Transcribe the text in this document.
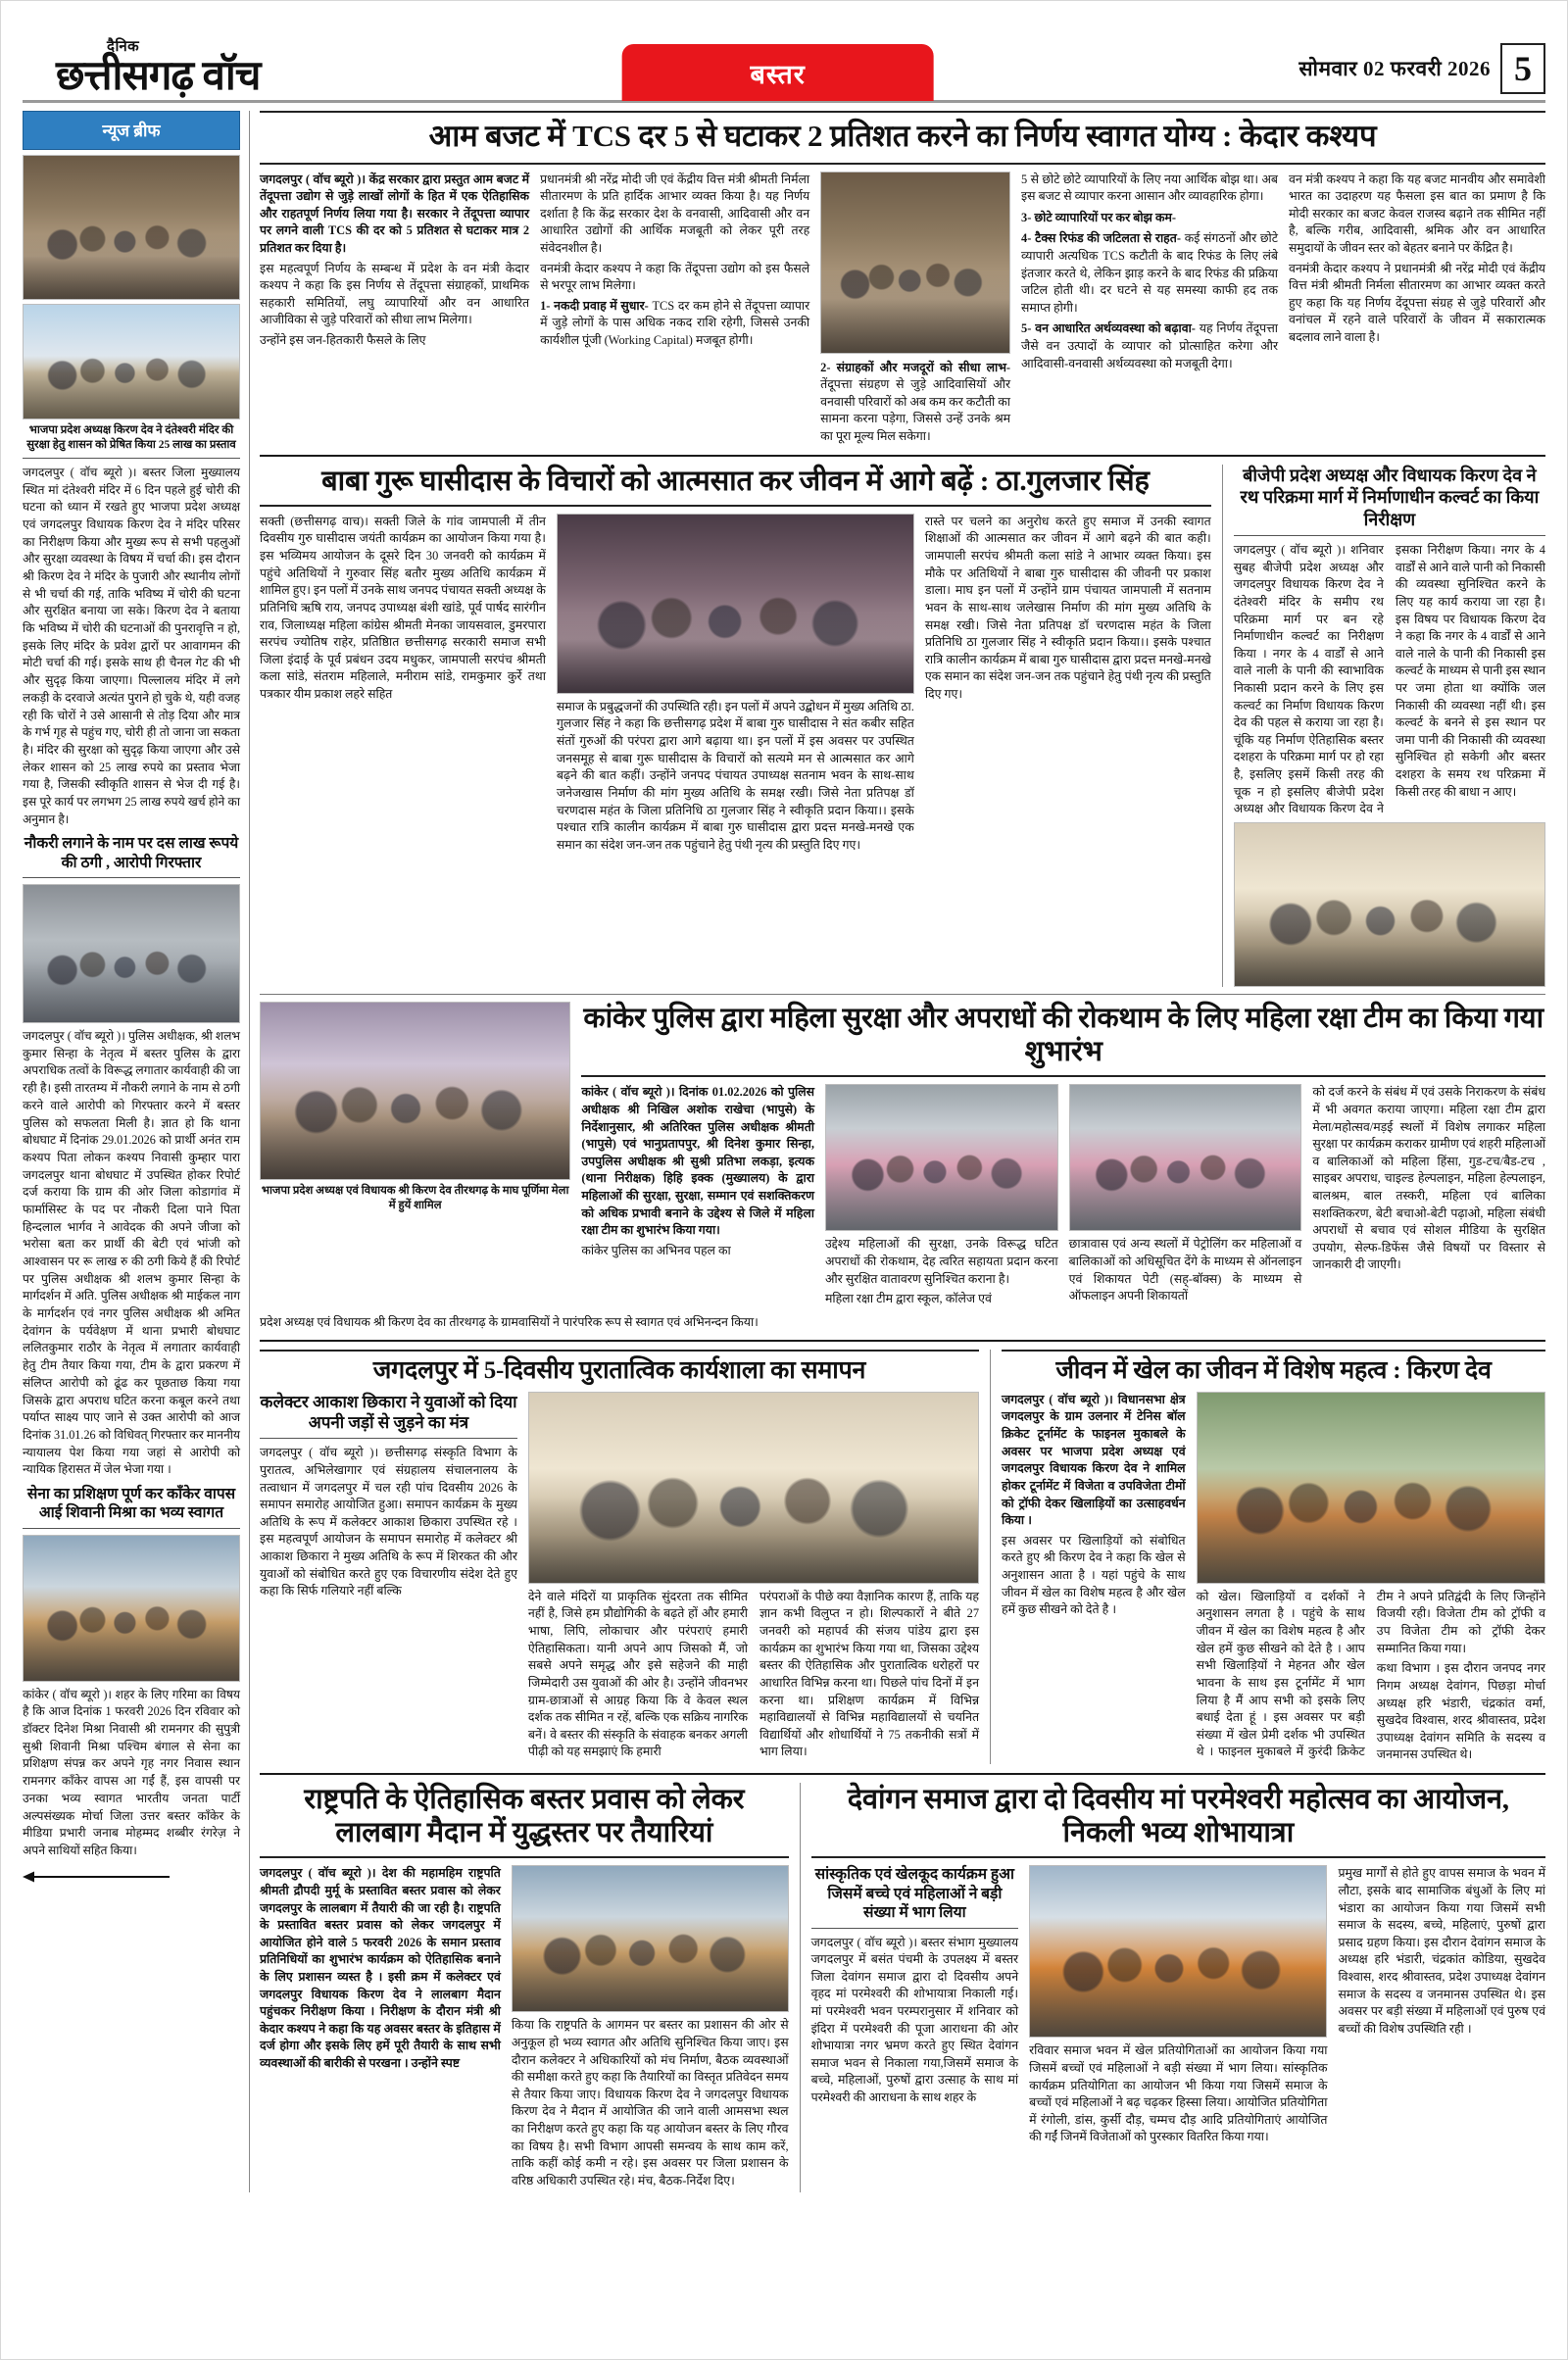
दैनिक
छत्तीसगढ़ वॉच	बस्तर	सोमवार 02 फरवरी 2026 5
न्यूज ब्रीफ
भाजपा प्रदेश अध्यक्ष किरण देव ने दंतेश्वरी मंदिर की सुरक्षा हेतु शासन को प्रेषित किया 25 लाख का प्रस्ताव

जगदलपुर ( वॉच ब्यूरो )। बस्तर जिला मुख्यालय स्थित मां दंतेश्वरी मंदिर में 6 दिन पहले हुई चोरी की घटना को ध्यान में रखते हुए भाजपा प्रदेश अध्यक्ष एवं जगदलपुर विधायक किरण देव ने मंदिर परिसर का निरीक्षण किया और मुख्य रूप से सभी पहलुओं और सुरक्षा व्यवस्था के विषय में चर्चा की। इस दौरान श्री किरण देव ने मंदिर के पुजारी और स्थानीय लोगों से भी चर्चा की गई, ताकि भविष्य में चोरी की घटना और सुरक्षित बनाया जा सके। किरण देव ने बताया कि भविष्य में चोरी की घटनाओं की पुनरावृत्ति न हो, इसके लिए मंदिर के प्रवेश द्वारों पर आवागमन की मोटी चर्चा की गई। इसके साथ ही चैनल गेट की भी और सुदृढ़ किया जाएगा। पिल्लालय मंदिर में लगे लकड़ी के दरवाजे अत्यंत पुराने हो चुके थे, यही वजह रही कि चोरों ने उसे आसानी से तोड़ दिया और मात्र के गर्भ गृह से पहुंच गए, चोरी ही तो जाना जा सकता है। मंदिर की सुरक्षा को सुदृढ़ किया जाएगा और उसे लेकर शासन को 25 लाख रुपये का प्रस्ताव भेजा गया है, जिसकी स्वीकृति शासन से भेज दी गई है। इस पूरे कार्य पर लगभग 25 लाख रुपये खर्च होने का अनुमान है।

नौकरी लगाने के नाम पर दस लाख रूपये की ठगी , आरोपी गिरफ्तार

जगदलपुर ( वॉच ब्यूरो )। पुलिस अधीक्षक, श्री शलभ कुमार सिन्हा के नेतृत्व में बस्तर पुलिस के द्वारा अपराधिक तत्वों के विरूद्ध लगातार कार्यवाही की जा रही है। इसी तारतम्य में नौकरी लगाने के नाम से ठगी करने वाले आरोपी को गिरफ्तार करने में बस्तर पुलिस को सफलता मिली है। ज्ञात हो कि थाना बोधघाट में दिनांक 29.01.2026 को प्रार्थी अनंत राम कश्यप पिता लोकन कश्यप निवासी कुम्हार पारा जगदलपुर थाना बोधघाट में उपस्थित होकर रिपोर्ट दर्ज कराया कि ग्राम की ओर जिला कोडागांव में फार्मासिस्ट के पद पर नौकरी दिला पाने पिता हिन्दलाल भार्गव ने आवेदक की अपने जीजा को भरोसा बता कर प्रार्थी की बेटी एवं भांजी को आश्वासन पर रू लाख रु की ठगी किये हैं की रिपोर्ट पर पुलिस अधीक्षक श्री शलभ कुमार सिन्हा के मार्गदर्शन में अति. पुलिस अधीक्षक श्री माईकल नाग के मार्गदर्शन एवं नगर पुलिस अधीक्षक श्री अमित देवांगन के पर्यवेक्षण में थाना प्रभारी बोधघाट ललितकुमार राठौर के नेतृत्व में लगातार कार्यवाही हेतु टीम तैयार किया गया, टीम के द्वारा प्रकरण में संलिप्त आरोपी को ढूंढ कर पूछताछ किया गया जिसके द्वारा अपराध घटित करना कबूल करने तथा पर्याप्त साक्ष्य पाए जाने से उक्त आरोपी को आज दिनांक 31.01.26 को विधिवत् गिरफ्तार कर माननीय न्यायालय पेश किया गया जहां से आरोपी को न्यायिक हिरासत में जेल भेजा गया ।

सेना का प्रशिक्षण पूर्ण कर कॉंकेर वापस आई शिवानी मिश्रा का भव्य स्वागत

कांकेर ( वॉच ब्यूरो )। शहर के लिए गरिमा का विषय है कि आज दिनांक 1 फरवरी 2026 दिन रविवार को डॉक्टर दिनेश मिश्रा निवासी श्री रामनगर की सुपुत्री सुश्री शिवानी मिश्रा पश्चिम बंगाल से सेना का प्रशिक्षण संपन्न कर अपने गृह नगर निवास स्थान रामनगर कॉंकेर वापस आ गईं हैं, इस वापसी पर उनका भव्य स्वागत भारतीय जनता पार्टी अल्पसंख्यक मोर्चा जिला उत्तर बस्तर कॉंकेर के मीडिया प्रभारी जनाब मोहम्मद शब्बीर रंगरेज़ ने अपने साथियों सहित किया।

आम बजट में TCS दर 5 से घटाकर 2 प्रतिशत करने का निर्णय स्वागत योग्य : केदार कश्यप

जगदलपुर ( वॉच ब्यूरो )। केंद्र सरकार द्वारा प्रस्तुत आम बजट में तेंदूपत्ता उद्योग से जुड़े लाखों लोगों के हित में एक ऐतिहासिक और राहतपूर्ण निर्णय लिया गया है। सरकार ने तेंदूपत्ता व्यापार पर लगने वाली TCS की दर को 5 प्रतिशत से घटाकर मात्र 2 प्रतिशत कर दिया है।

इस महत्वपूर्ण निर्णय के सम्बन्ध में प्रदेश के वन मंत्री केदार कश्यप ने कहा कि इस निर्णय से तेंदूपत्ता संग्राहकों, प्राथमिक सहकारी समितियों, लघु व्यापारियों और वन आधारित आजीविका से जुड़े परिवारों को सीधा लाभ मिलेगा।

उन्होंने इस जन-हितकारी फैसले के लिए

प्रधानमंत्री श्री नरेंद्र मोदी जी एवं केंद्रीय वित्त मंत्री श्रीमती निर्मला सीतारमण के प्रति हार्दिक आभार व्यक्त किया है। यह निर्णय दर्शाता है कि केंद्र सरकार देश के वनवासी, आदिवासी और वन आधारित उद्योगों की आर्थिक मजबूती को लेकर पूरी तरह संवेदनशील है।

वनमंत्री केदार कश्यप ने कहा कि तेंदूपत्ता उद्योग को इस फैसले से भरपूर लाभ मिलेगा।

1- नकदी प्रवाह में सुधार- TCS दर कम होने से तेंदूपत्ता व्यापार में जुड़े लोगों के पास अधिक नकद राशि रहेगी, जिससे उनकी कार्यशील पूंजी (Working Capital) मजबूत होगी।

2- संग्राहकों और मजदूरों को सीधा लाभ- तेंदूपत्ता संग्रहण से जुड़े आदिवासियों और वनवासी परिवारों को अब कम कर कटौती का सामना करना पड़ेगा, जिससे उन्हें उनके श्रम का पूरा मूल्य मिल सकेगा।

5 से छोटे छोटे व्यापारियों के लिए नया आर्थिक बोझ था। अब इस बजट से व्यापार करना आसान और व्यावहारिक होगा।

3- छोटे व्यापारियों पर कर बोझ कम-

4- टैक्स रिफंड की जटिलता से राहत- कई संगठनों और छोटे व्यापारी अत्यधिक TCS कटौती के बाद रिफंड के लिए लंबे इंतजार करते थे, लेकिन झाड़ करने के बाद रिफंड की प्रक्रिया जटिल होती थी। दर घटने से यह समस्या काफी हद तक समाप्त होगी।

5- वन आधारित अर्थव्यवस्था को बढ़ावा- यह निर्णय तेंदूपत्ता जैसे वन उत्पादों के व्यापार को प्रोत्साहित करेगा और आदिवासी-वनवासी अर्थव्यवस्था को मजबूती देगा।

वन मंत्री कश्यप ने कहा कि यह बजट मानवीय और समावेशी भारत का उदाहरण यह फैसला इस बात का प्रमाण है कि मोदी सरकार का बजट केवल राजस्व बढ़ाने तक सीमित नहीं है, बल्कि गरीब, आदिवासी, श्रमिक और वन आधारित समुदायों के जीवन स्तर को बेहतर बनाने पर केंद्रित है।

वनमंत्री केदार कश्यप ने प्रधानमंत्री श्री नरेंद्र मोदी एवं केंद्रीय वित्त मंत्री श्रीमती निर्मला सीतारमण का आभार व्यक्त करते हुए कहा कि यह निर्णय देंदूपत्ता संग्रह से जुड़े परिवारों और वनांचल में रहने वाले परिवारों के जीवन में सकारात्मक बदलाव लाने वाला है।

बाबा गुरू घासीदास के विचारों को आत्मसात कर जीवन में आगे बढ़ें : ठा.गुलजार सिंह

सक्ती (छत्तीसगढ़ वाच)। सक्ती जिले के गांव जामपाली में तीन दिवसीय गुरु घासीदास जयंती कार्यक्रम का आयोजन किया गया है। इस भव्यिमय आयोजन के दूसरे दिन 30 जनवरी को कार्यक्रम में पहुंचे अतिथियों ने गुरुवार सिंह बतौर मुख्य अतिथि कार्यक्रम में शामिल हुए। इन पलों में उनके साथ जनपद पंचायत सक्ती अध्यक्ष के प्रतिनिधि ऋषि राय, जनपद उपाध्यक्ष बंशी खांडे, पूर्व पार्षद सारंगीन राव, जिलाध्यक्ष महिला कांग्रेस श्रीमती मेनका जायसवाल, डुमरपारा सरपंच ज्योतिष राहेर, प्रतिष्ठाित छत्तीसगढ़ सरकारी समाज सभी जिला इंदाई के पूर्व प्रबंधन उदय मधुकर, जामपाली सरपंच श्रीमती कला सांडे, संतराम महिलाले, मनीराम सांडे, रामकुमार कुर्रे तथा पत्रकार यीम प्रकाश लहरे सहित

समाज के प्रबुद्धजनों की उपस्थिति रही। इन पलों में अपने उद्बोधन में मुख्य अतिथि ठा. गुलजार सिंह ने कहा कि छत्तीसगढ़ प्रदेश में बाबा गुरु घासीदास ने संत कबीर सहित संतों गुरुओं की परंपरा द्वारा आगे बढ़ाया था। इन पलों में इस अवसर पर उपस्थित जनसमूह से बाबा गुरू घासीदास के विचारों को सत्यमे मन से आत्मसात कर आगे बढ़ने की बात कहीं। उन्होंने जनपद पंचायत उपाध्यक्ष सतनाम भवन के साथ-साथ जनेजखास निर्माण की मांग मुख्य अतिथि के समक्ष रखी। जिसे नेता प्रतिपक्ष डॉ चरणदास महंत के जिला प्रतिनिधि ठा गुलजार सिंह ने स्वीकृति प्रदान किया।। इसके पश्चात रात्रि कालीन कार्यक्रम में बाबा गुरु घासीदास द्वारा प्रदत्त मनखे-मनखे एक समान का संदेश जन-जन तक पहुंचाने हेतु पंथी नृत्य की प्रस्तुति दिए गए।

रास्ते पर चलने का अनुरोध करते हुए समाज में उनकी स्वागत शिक्षाओं की आत्मसात कर जीवन में आगे बढ़ने की बात कही। जामपाली सरपंच श्रीमती कला सांडे ने आभार व्यक्त किया। इस मौके पर अतिथियों ने बाबा गुरु घासीदास की जीवनी पर प्रकाश डाला। माघ इन पलों में उन्होंने ग्राम पंचायत जामपाली में सतनाम भवन के साथ-साथ जलेखास निर्माण की मांग मुख्य अतिथि के समक्ष रखी। जिसे नेता प्रतिपक्ष डॉ चरणदास महंत के जिला प्रतिनिधि ठा गुलजार सिंह ने स्वीकृति प्रदान किया।। इसके पश्चात रात्रि कालीन कार्यक्रम में बाबा गुरु घासीदास द्वारा प्रदत्त मनखे-मनखे एक समान का संदेश जन-जन तक पहुंचाने हेतु पंथी नृत्य की प्रस्तुति दिए गए।

बीजेपी प्रदेश अध्यक्ष और विधायक किरण देव ने रथ परिक्रमा मार्ग में निर्माणाधीन कल्वर्ट का किया निरीक्षण

जगदलपुर ( वॉच ब्यूरो )। शनिवार सुबह बीजेपी प्रदेश अध्यक्ष और जगदलपुर विधायक किरण देव ने दंतेश्वरी मंदिर के समीप रथ परिक्रमा मार्ग पर बन रहे निर्माणाधीन कल्वर्ट का निरीक्षण किया । नगर के 4 वार्डों से आने वाले नाली के पानी की स्वाभाविक निकासी प्रदान करने के लिए इस कल्वर्ट का निर्माण विधायक किरण देव की पहल से कराया जा रहा है। चूंकि यह निर्माण ऐतिहासिक बस्तर दशहरा के परिक्रमा मार्ग पर हो रहा है, इसलिए इसमें किसी तरह की चूक न हो इसलिए बीजेपी प्रदेश अध्यक्ष और विधायक किरण देव ने इसका निरीक्षण किया। नगर के 4 वार्डों से आने वाले पानी को निकासी की व्यवस्था सुनिश्चित करने के लिए यह कार्य कराया जा रहा है। इस विषय पर विधायक किरण देव ने कहा कि नगर के 4 वार्डों से आने वाले नाले के पानी की निकासी इस कल्वर्ट के माध्यम से पानी इस स्थान पर जमा होता था क्योंकि जल निकासी की व्यवस्था नहीं थी। इस कल्वर्ट के बनने से इस स्थान पर जमा पानी की निकासी की व्यवस्था सुनिश्चित हो सकेगी और बस्तर दशहरा के समय रथ परिक्रमा में किसी तरह की बाधा न आए।

भाजपा प्रदेश अध्यक्ष एवं विधायक श्री किरण देव तीरथगढ़ के माघ पूर्णिमा मेला में हुयें शामिल
कांकेर पुलिस द्वारा महिला सुरक्षा और अपराधों की रोकथाम के लिए महिला रक्षा टीम का किया गया शुभारंभ

कांकेर ( वॉच ब्यूरो )। दिनांक 01.02.2026 को पुलिस अधीक्षक श्री निखिल अशोक राखेचा (भापुसे) के निर्देशानुसार, श्री अतिरिक्त पुलिस अधीक्षक श्रीमती (भापुसे) एवं भानुप्रतापपुर, श्री दिनेश कुमार सिन्हा, उपपुलिस अधीक्षक श्री सुश्री प्रतिभा लकड़ा, इत्यक (थाना निरीक्षक) हिहि इक्क (मुख्यालय) के द्वारा महिलाओं की सुरक्षा, सुरक्षा, सम्मान एवं सशक्तिकरण को अधिक प्रभावी बनाने के उद्देश्य से जिले में महिला रक्षा टीम का शुभारंभ किया गया।

कांकेर पुलिस का अभिनव पहल का	उद्देश्य महिलाओं की सुरक्षा, उनके विरूद्ध घटित अपराधों की रोकथाम, देह त्वरित सहायता प्रदान करना और सुरक्षित वातावरण सुनिश्चित कराना है।

महिला रक्षा टीम द्वारा स्कूल, कॉलेज एवं

छात्रावास एवं अन्य स्थलों में पेट्रोलिंग कर महिलाओं व बालिकाओं को अधिसूचित देंगे के माध्यम से ऑनलाइन एवं शिकायत पेटी (सह्-बॉक्स) के माध्यम से ऑफलाइन अपनी शिकायतों

को दर्ज करने के संबंध में एवं उसके निराकरण के संबंध में भी अवगत कराया जाएगा। महिला रक्षा टीम द्वारा मेला/महोत्सव/मड़ई स्थलों में विशेष लगाकर महिला सुरक्षा पर कार्यक्रम कराकर ग्रामीण एवं शहरी महिलाओं व बालिकाओं को महिला हिंसा, गुड-टच/बैड-टच , साइबर अपराध, चाइल्ड हेल्पलाइन, महिला हेल्पलाइन, बालश्रम, बाल तस्करी, महिला एवं बालिका सशक्तिकरण, बेटी बचाओ-बेटी पढ़ाओ, महिला संबंधी अपराधों से बचाव एवं सोशल मीडिया के सुरक्षित उपयोग, सेल्फ-डिफेंस जैसे विषयों पर विस्तार से जानकारी दी जाएगी।

प्रदेश अध्यक्ष एवं विधायक श्री किरण देव का तीरथगढ़ के ग्रामवासियों ने पारंपरिक रूप से स्वागत एवं अभिनन्दन किया।

जगदलपुर में 5-दिवसीय पुरातात्विक कार्यशाला का समापन
कलेक्टर आकाश छिकारा ने युवाओं को दिया अपनी जड़ों से जुड़ने का मंत्र

जगदलपुर ( वॉच ब्यूरो )। छत्तीसगढ़ संस्कृति विभाग के पुरातत्व, अभिलेखागार एवं संग्रहालय संचालनालय के तत्वाधान में जगदलपुर में चल रही पांच दिवसीय 2026 के समापन समारोह आयोजित हुआ। समापन कार्यक्रम के मुख्य अतिथि के रूप में कलेक्टर आकाश छिकारा उपस्थित रहे । इस महत्वपूर्ण आयोजन के समापन समारोह में कलेक्टर श्री आकाश छिकारा ने मुख्य अतिथि के रूप में शिरकत की और युवाओं को संबोधित करते हुए एक विचारणीय संदेश देते हुए कहा कि सिर्फ गलियारे नहीं बल्कि	देने वाले मंदिरों या प्राकृतिक सुंदरता तक सीमित नहीं है, जिसे हम प्रौद्योगिकी के बढ़ते हों और हमारी भाषा, लिपि, लोकाचार और परंपराएं हमारी ऐतिहासिकता। यानी अपने आप जिसको मैं, जो सबसे अपने समृद्ध और इसे सहेजने की माही जिम्मेदारी उस युवाओं की ओर है। उन्होंने जीवनभर ग्राम-छात्राओं से आग्रह किया कि वे केवल स्थल दर्शक तक सीमित न रहें, बल्कि एक सक्रिय नागरिक बनें। वे बस्तर की संस्कृति के संवाहक बनकर अगली पीढ़ी को यह समझाएं कि हमारी

परंपराओं के पीछे क्या वैज्ञानिक कारण हैं, ताकि यह ज्ञान कभी विलुप्त न हो। शिल्पकारों ने बीते 27 जनवरी को महापर्व की संजय पांडेय द्वारा इस कार्यक्रम का शुभारंभ किया गया था, जिसका उद्देश्य बस्तर की ऐतिहासिक और पुरातात्विक धरोहरों पर आधारित विभिन्न करना था। पिछले पांच दिनों में इन करना था। प्रशिक्षण कार्यक्रम में विभिन्न महाविद्यालयों से विभिन्न महाविद्यालयों से चयनित विद्यार्थियों और शोधार्थियों ने 75 तकनीकी सत्रों में भाग लिया।

जीवन में खेल का जीवन में विशेष महत्व : किरण देव

जगदलपुर ( वॉच ब्यूरो )। विधानसभा क्षेत्र जगदलपुर के ग्राम उलनार में टेनिस बॉल क्रिकेट टूर्नामेंट के फाइनल मुकाबले के अवसर पर भाजपा प्रदेश अध्यक्ष एवं जगदलपुर विधायक किरण देव ने शामिल होकर टूर्नामेंट में विजेता व उपविजेता टीमों को ट्रॉफी देकर खिलाड़ियों का उत्साहवर्धन किया ।

इस अवसर पर खिलाड़ियों को संबोधित करते हुए श्री किरण देव ने कहा कि खेल से अनुशासन आता है । यहां पहुंचे के साथ जीवन में खेल का विशेष महत्व है और खेल हमें कुछ सीखने को देते है ।

को खेल। खिलाड़ियों व दर्शकों ने अनुशासन लगता है । पहुंचे के साथ जीवन में खेल का विशेष महत्व है और खेल हमें कुछ सीखने को देते है । आप सभी खिलाड़ियों ने मेहनत और खेल भावना के साथ इस टूर्नामेंट में भाग लिया है मैं आप सभी को इसके लिए बधाई देता हूं । इस अवसर पर बड़ी संख्या में खेल प्रेमी दर्शक भी उपस्थित थे । फाइनल मुकाबले में कुरंदी क्रिकेट टीम ने अपने प्रतिद्वंदी के लिए जिन्होंने विजयी रही। विजेता टीम को ट्रॉफी व उप विजेता टीम को ट्रॉफी देकर सम्मानित किया गया।

कथा विभाग । इस दौरान जनपद नगर निगम अध्यक्ष देवांगन, पिछड़ा मोर्चा अध्यक्ष हरि भंडारी, चंद्रकांत वर्मा, सुखदेव विश्वास, शरद श्रीवास्तव, प्रदेश उपाध्यक्ष देवांगन समिति के सदस्य व जनमानस उपस्थित थे।

राष्ट्रपति के ऐतिहासिक बस्तर प्रवास को लेकर लालबाग मैदान में युद्धस्तर पर तैयारियां

जगदलपुर ( वॉच ब्यूरो )। देश की महामहिम राष्ट्रपति श्रीमती द्रौपदी मुर्मू के प्रस्तावित बस्तर प्रवास को लेकर जगदलपुर के लालबाग में तैयारी की जा रही है। राष्ट्रपति के प्रस्तावित बस्तर प्रवास को लेकर जगदलपुर में आयोजित होने वाले 5 फरवरी 2026 के समान प्रस्ताव प्रतिनिधियों का शुभारंभ कार्यक्रम को ऐतिहासिक बनाने के लिए प्रशासन व्यस्त है । इसी क्रम में कलेक्टर एवं जगदलपुर विधायक किरण देव ने लालबाग मैदान पहुंचकर निरीक्षण किया । निरीक्षण के दौरान मंत्री श्री केदार कश्यप ने कहा कि यह अवसर बस्तर के इतिहास में दर्ज होगा और इसके लिए हमें पूरी तैयारी के साथ सभी व्यवस्थाओं की बारीकी से परखना । उन्होंने स्पष्ट

किया कि राष्ट्रपति के आगमन पर बस्तर का प्रशासन की ओर से अनुकूल हो भव्य स्वागत और अतिथि सुनिश्चित किया जाए। इस दौरान कलेक्टर ने अधिकारियों को मंच निर्माण, बैठक व्यवस्थाओं की समीक्षा करते हुए कहा कि तैयारियों का विस्तृत प्रतिवेदन समय से तैयार किया जाए। विधायक किरण देव ने जगदलपुर विधायक किरण देव ने मैदान में आयोजित की जाने वाली आमसभा स्थल का निरीक्षण करते हुए कहा कि यह आयोजन बस्तर के लिए गौरव का विषय है। सभी विभाग आपसी समन्वय के साथ काम करें, ताकि कहीं कोई कमी न रहे। इस अवसर पर जिला प्रशासन के वरिष्ठ अधिकारी उपस्थित रहे। मंच, बैठक-निर्देश दिए।

देवांगन समाज द्वारा दो दिवसीय मां परमेश्वरी महोत्सव का आयोजन, निकली भव्य शोभायात्रा
सांस्कृतिक एवं खेलकूद कार्यक्रम हुआ जिसमें बच्चे एवं महिलाओं ने बड़ी संख्या में भाग लिया

जगदलपुर ( वॉच ब्यूरो )। बस्तर संभाग मुख्यालय जगदलपुर में बसंत पंचमी के उपलक्ष्य में बस्तर जिला देवांगन समाज द्वारा दो दिवसीय अपने वृहद मां परमेश्वरी की शोभायात्रा निकाली गई। मां परमेश्वरी भवन परम्परानुसार में शनिवार को इंदिरा में परमेश्वरी की पूजा आराधना की ओर शोभायात्रा नगर भ्रमण करते हुए स्थित देवांगन समाज भवन से निकाला गया,जिसमें समाज के बच्चे, महिलाओं, पुरुषों द्वारा उत्साह के साथ मां परमेश्वरी की आराधना के साथ शहर के

रविवार समाज भवन में खेल प्रतियोगिताओं का आयोजन किया गया जिसमें बच्चों एवं महिलाओं ने बड़ी संख्या में भाग लिया। सांस्कृतिक कार्यक्रम प्रतियोगिता का आयोजन भी किया गया जिसमें समाज के बच्चों एवं महिलाओं ने बढ़ चढ़कर हिस्सा लिया। आयोजित प्रतियोगिता में रंगोली, डांस, कुर्सी दौड़, चम्मच दौड़ आदि प्रतियोगिताएं आयोजित की गईं जिनमें विजेताओं को पुरस्कार वितरित किया गया।

प्रमुख मार्गों से होते हुए वापस समाज के भवन में लौटा, इसके बाद सामाजिक बंधुओं के लिए मां भंडारा का आयोजन किया गया जिसमें सभी समाज के सदस्य, बच्चे, महिलाएं, पुरुषों द्वारा प्रसाद ग्रहण किया। इस दौरान देवांगन समाज के अध्यक्ष हरि भंडारी, चंद्रकांत कोडिया, सुखदेव विश्वास, शरद श्रीवास्तव, प्रदेश उपाध्यक्ष देवांगन समाज के सदस्य व जनमानस उपस्थित थे। इस अवसर पर बड़ी संख्या में महिलाओं एवं पुरुष एवं बच्चों की विशेष उपस्थिति रही ।
